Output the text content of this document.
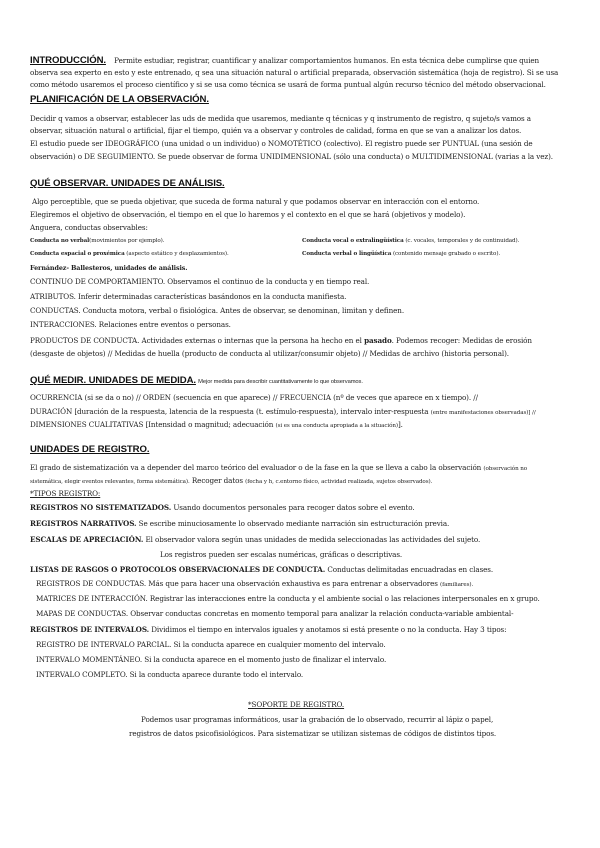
INTRODUCCIÓN. Permite estudiar, registrar, cuantificar y analizar comportamientos humanos. En esta técnica debe cumplirse que quien
observa sea experto en esto y este entrenado, q sea una situación natural o artificial preparada, observación sistemática (hoja de registro). Si se usa
como método usaremos el proceso científico y si se usa como técnica se usará de forma puntual algún recurso técnico del método observacional.
PLANIFICACIÓN DE LA OBSERVACIÓN.
Decidir q vamos a observar, establecer las uds de medida que usaremos, mediante q técnicas y q instrumento de registro, q sujeto/s vamos a
observar, situación natural o artificial, fijar el tiempo, quién va a observar y controles de calidad, forma en que se van a analizar los datos.
El estudio puede ser IDEOGRÁFICO (una unidad o un individuo) o NOMOTÉTICO (colectivo). El registro puede ser PUNTUAL (una sesión de
observación) o DE SEGUIMIENTO. Se puede observar de forma UNIDIMENSIONAL (sólo una conducta) o MULTIDIMENSIONAL (varias a la vez).
QUÉ OBSERVAR. UNIDADES DE ANÁLISIS.
Algo perceptible, que se pueda objetivar, que suceda de forma natural y que podamos observar en interacción con el entorno.
Elegiremos el objetivo de observación, el tiempo en el que lo haremos y el contexto en el que se hará (objetivos y modelo).
Anguera, conductas observables:
Conducta no verbal(movimientos por ejemplo).	Conducta vocal o extralingüística (c. vocales, temporales y de continuidad).
Conducta espacial o proxémica (aspecto estático y desplazamientos).	Conducta verbal o lingüística (contenido mensaje grabado o escrito).
Fernández- Ballesteros, unidades de análisis.
CONTINUO DE COMPORTAMIENTO. Observamos el continuo de la conducta y en tiempo real.
ATRIBUTOS. Inferir determinadas características basándonos en la conducta manifiesta.
CONDUCTAS. Conducta motora, verbal o fisiológica. Antes de observar, se denominan, limitan y definen.
INTERACCIONES. Relaciones entre eventos o personas.
PRODUCTOS DE CONDUCTA. Actividades externas o internas que la persona ha hecho en el pasado. Podemos recoger: Medidas de erosión
(desgaste de objetos) // Medidas de huella (producto de conducta al utilizar/consumir objeto) // Medidas de archivo (historia personal).
QUÉ MEDIR. UNIDADES DE MEDIDA. Mejor medida para describir cuantitativamente lo que observamos.
OCURRENCIA (si se da o no) // ORDEN (secuencia en que aparece) // FRECUENCIA (nº de veces que aparece en x tiempo). //
DURACIÓN [duración de la respuesta, latencia de la respuesta (t. estímulo-respuesta), intervalo inter-respuesta (entre manifestaciones observadas)] //
DIMENSIONES CUALITATIVAS [Intensidad o magnitud; adecuación (si es una conducta apropiada a la situación)].
UNIDADES DE REGISTRO.
El grado de sistematización va a depender del marco teórico del evaluador o de la fase en la que se lleva a cabo la observación (observación no
sistemática, elegir eventos relevantes, forma sistemática). Recoger datos (fecha y h, c.entorno físico, actividad realizada, sujetos observados).
*TIPOS REGISTRO:
REGISTROS NO SISTEMATIZADOS. Usando documentos personales para recoger datos sobre el evento.
REGISTROS NARRATIVOS. Se escribe minuciosamente lo observado mediante narración sin estructuración previa.
ESCALAS DE APRECIACIÓN. El observador valora según unas unidades de medida seleccionadas las actividades del sujeto.
Los registros pueden ser escalas numéricas, gráficas o descriptivas.
LISTAS DE RASGOS O PROTOCOLOS OBSERVACIONALES DE CONDUCTA. Conductas delimitadas encuadradas en clases.
REGISTROS DE CONDUCTAS. Más que para hacer una observación exhaustiva es para entrenar a observadores (familiares).
MATRICES DE INTERACCIÓN. Registrar las interacciones entre la conducta y el ambiente social o las relaciones interpersonales en x grupo.
MAPAS DE CONDUCTAS. Observar conductas concretas en momento temporal para analizar la relación conducta-variable ambiental-
REGISTROS DE INTERVALOS. Dividimos el tiempo en intervalos iguales y anotamos si está presente o no la conducta. Hay 3 tipos:
REGISTRO DE INTERVALO PARCIAL. Si la conducta aparece en cualquier momento del intervalo.
INTERVALO MOMENTÁNEO. Si la conducta aparece en el momento justo de finalizar el intervalo.
INTERVALO COMPLETO. Si la conducta aparece durante todo el intervalo.
*SOPORTE DE REGISTRO.
Podemos usar programas informáticos, usar la grabación de lo observado, recurrir al lápiz o papel,
registros de datos psicofisiológicos. Para sistematizar se utilizan sistemas de códigos de distintos tipos.
